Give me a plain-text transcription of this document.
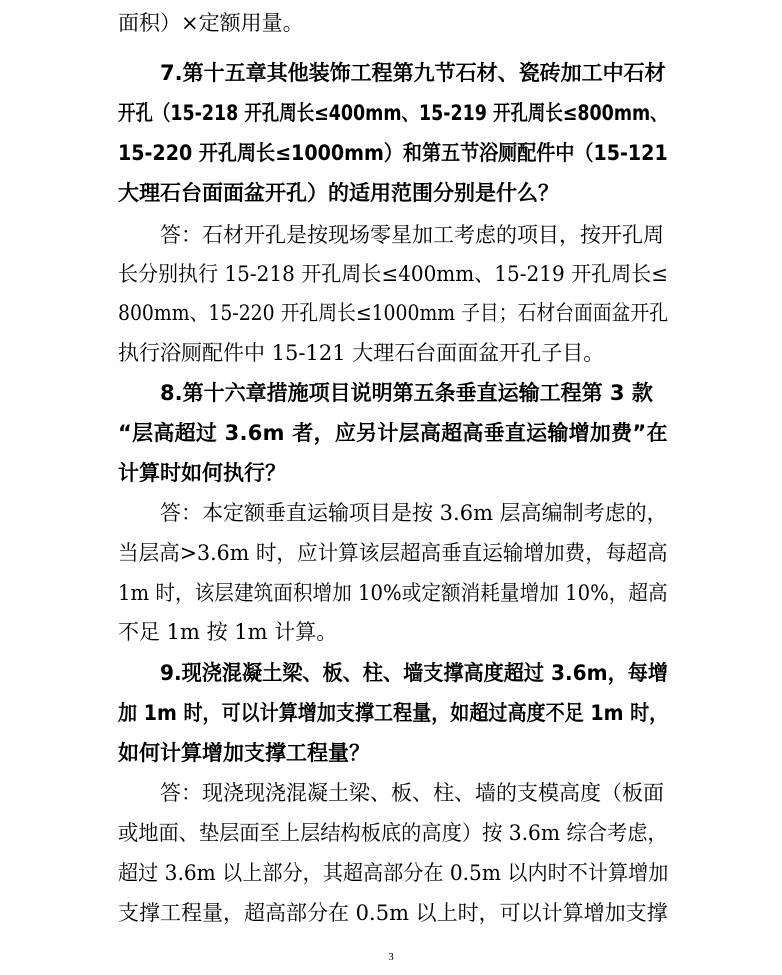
面积）×定额用量。
7.第十五章其他装饰工程第九节石材、瓷砖加工中石材
开孔（15-218 开孔周长≤400mm、15-219 开孔周长≤800mm、
15-220 开孔周长≤1000mm）和第五节浴厕配件中（15-121
大理石台面面盆开孔）的适用范围分别是什么？
答：石材开孔是按现场零星加工考虑的项目，按开孔周
长分别执行 15-218 开孔周长≤400mm、15-219 开孔周长≤
800mm、15-220 开孔周长≤1000mm 子目；石材台面面盆开孔
执行浴厕配件中 15-121 大理石台面面盆开孔子目。
8.第十六章措施项目说明第五条垂直运输工程第 3 款
“层高超过 3.6m 者，应另计层高超高垂直运输增加费”在
计算时如何执行？
答：本定额垂直运输项目是按 3.6m 层高编制考虑的，
当层高>3.6m 时，应计算该层超高垂直运输增加费，每超高
1m 时，该层建筑面积增加 10%或定额消耗量增加 10%，超高
不足 1m 按 1m 计算。
9.现浇混凝土梁、板、柱、墙支撑高度超过 3.6m，每增
加 1m 时，可以计算增加支撑工程量，如超过高度不足 1m 时，
如何计算增加支撑工程量？
答：现浇现浇混凝土梁、板、柱、墙的支模高度（板面
或地面、垫层面至上层结构板底的高度）按 3.6m 综合考虑，
超过 3.6m 以上部分，其超高部分在 0.5m 以内时不计算增加
支撑工程量，超高部分在 0.5m 以上时，可以计算增加支撑
3
